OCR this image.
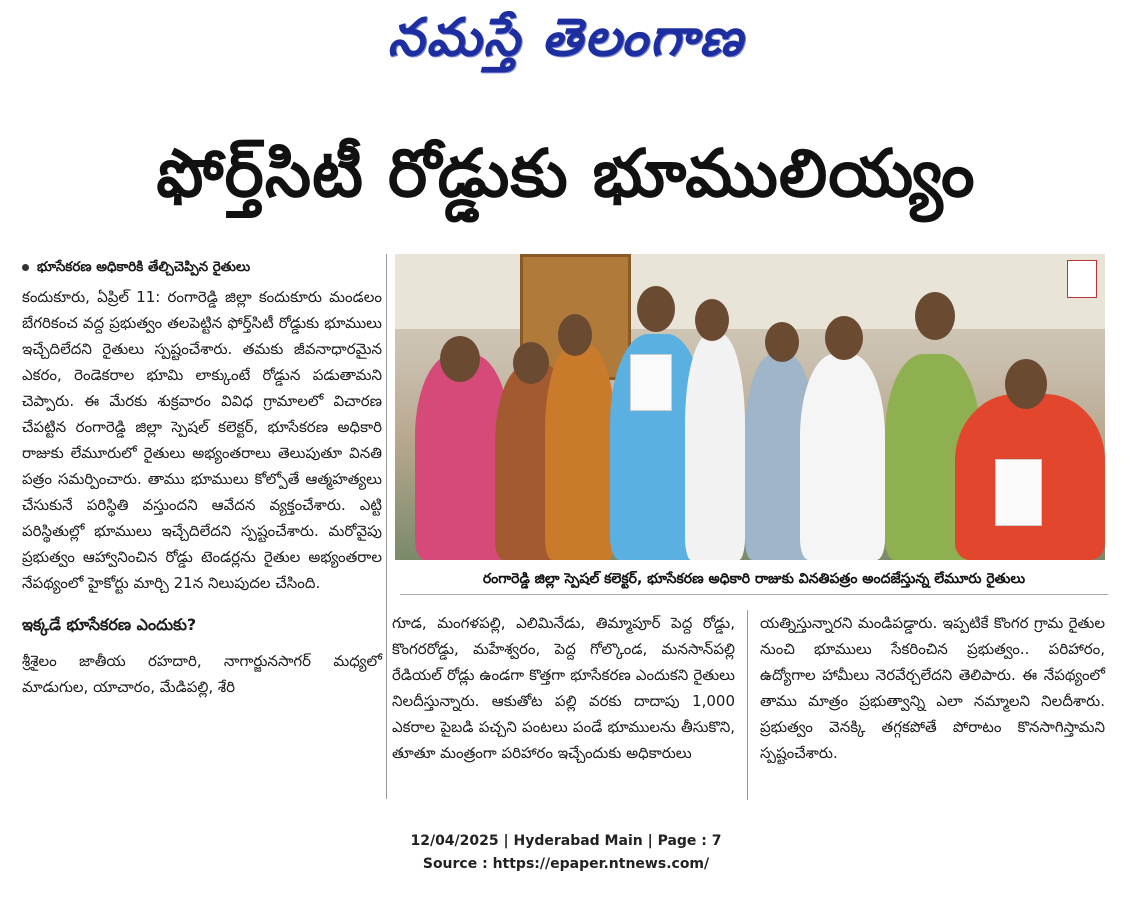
నమస్తే తెలంగాణ
ఫోర్త్‌సిటీ రోడ్డుకు భూములియ్యం
భూసేకరణ అధికారికి తేల్చిచెప్పిన రైతులు

కందుకూరు, ఏప్రిల్ 11: రంగారెడ్డి జిల్లా కందుకూరు మండలం బేగరికంచ వద్ద ప్రభుత్వం తలపెట్టిన ఫోర్త్‌సిటీ రోడ్డుకు భూములు ఇచ్చేదిలేదని రైతులు స్పష్టంచేశారు. తమకు జీవనాధారమైన ఎకరం, రెండెకరాల భూమి లాక్కుంటే రోడ్డున పడుతామని చెప్పారు. ఈ మేరకు శుక్రవారం వివిధ గ్రామాలలో విచారణ చేపట్టిన రంగారెడ్డి జిల్లా స్పెషల్ కలెక్టర్, భూసేకరణ అధికారి రాజుకు లేమూరులో రైతులు అభ్యంతరాలు తెలుపుతూ వినతి పత్రం సమర్పించారు. తాము భూములు కోల్పోతే ఆత్మహత్యలు చేసుకునే పరిస్థితి వస్తుందని ఆవేదన వ్యక్తంచేశారు. ఎట్టి పరిస్థితుల్లో భూములు ఇచ్చేదిలేదని స్పష్టంచేశారు. మరోవైపు ప్రభుత్వం ఆహ్వానించిన రోడ్డు టెండర్లను రైతుల అభ్యంతరాల నేపథ్యంలో హైకోర్టు మార్చి 21న నిలుపుదల చేసింది.

ఇక్కడే భూసేకరణ ఎందుకు?

శ్రీశైలం జాతీయ రహదారి, నాగార్జునసాగర్ మధ్యలో మాడుగుల, యాచారం, మేడిపల్లి, శేరి

రంగారెడ్డి జిల్లా స్పెషల్ కలెక్టర్, భూసేకరణ అధికారి రాజుకు వినతిపత్రం అందజేస్తున్న లేమూరు రైతులు

గూడ, మంగళపల్లి, ఎలిమినేడు, తిమ్మాపూర్ పెద్ద రోడ్డు, కొంగరరోడ్డు, మహేశ్వరం, పెద్ద గోల్కొండ, మనసాన్‌పల్లి రేడియల్ రోడ్లు ఉండగా కొత్తగా భూసేకరణ ఎందుకని రైతులు నిలదీస్తున్నారు. ఆకుతోట పల్లి వరకు దాదాపు 1,000 ఎకరాల పైబడి పచ్చని పంటలు పండే భూములను తీసుకొని, తూతూ మంత్రంగా పరిహారం ఇచ్చేందుకు అధికారులు

యత్నిస్తున్నారని మండిపడ్డారు. ఇప్పటికే కొంగర గ్రామ రైతుల నుంచి భూములు సేకరించిన ప్రభుత్వం.. పరిహారం, ఉద్యోగాల హామీలు నెరవేర్చలేదని తెలిపారు. ఈ నేపథ్యంలో తాము మాత్రం ప్రభుత్వాన్ని ఎలా నమ్మాలని నిలదీశారు. ప్రభుత్వం వెనక్కి తగ్గకపోతే పోరాటం కొనసాగిస్తామని స్పష్టంచేశారు.

12/04/2025 | Hyderabad Main | Page : 7
Source : https://epaper.ntnews.com/
